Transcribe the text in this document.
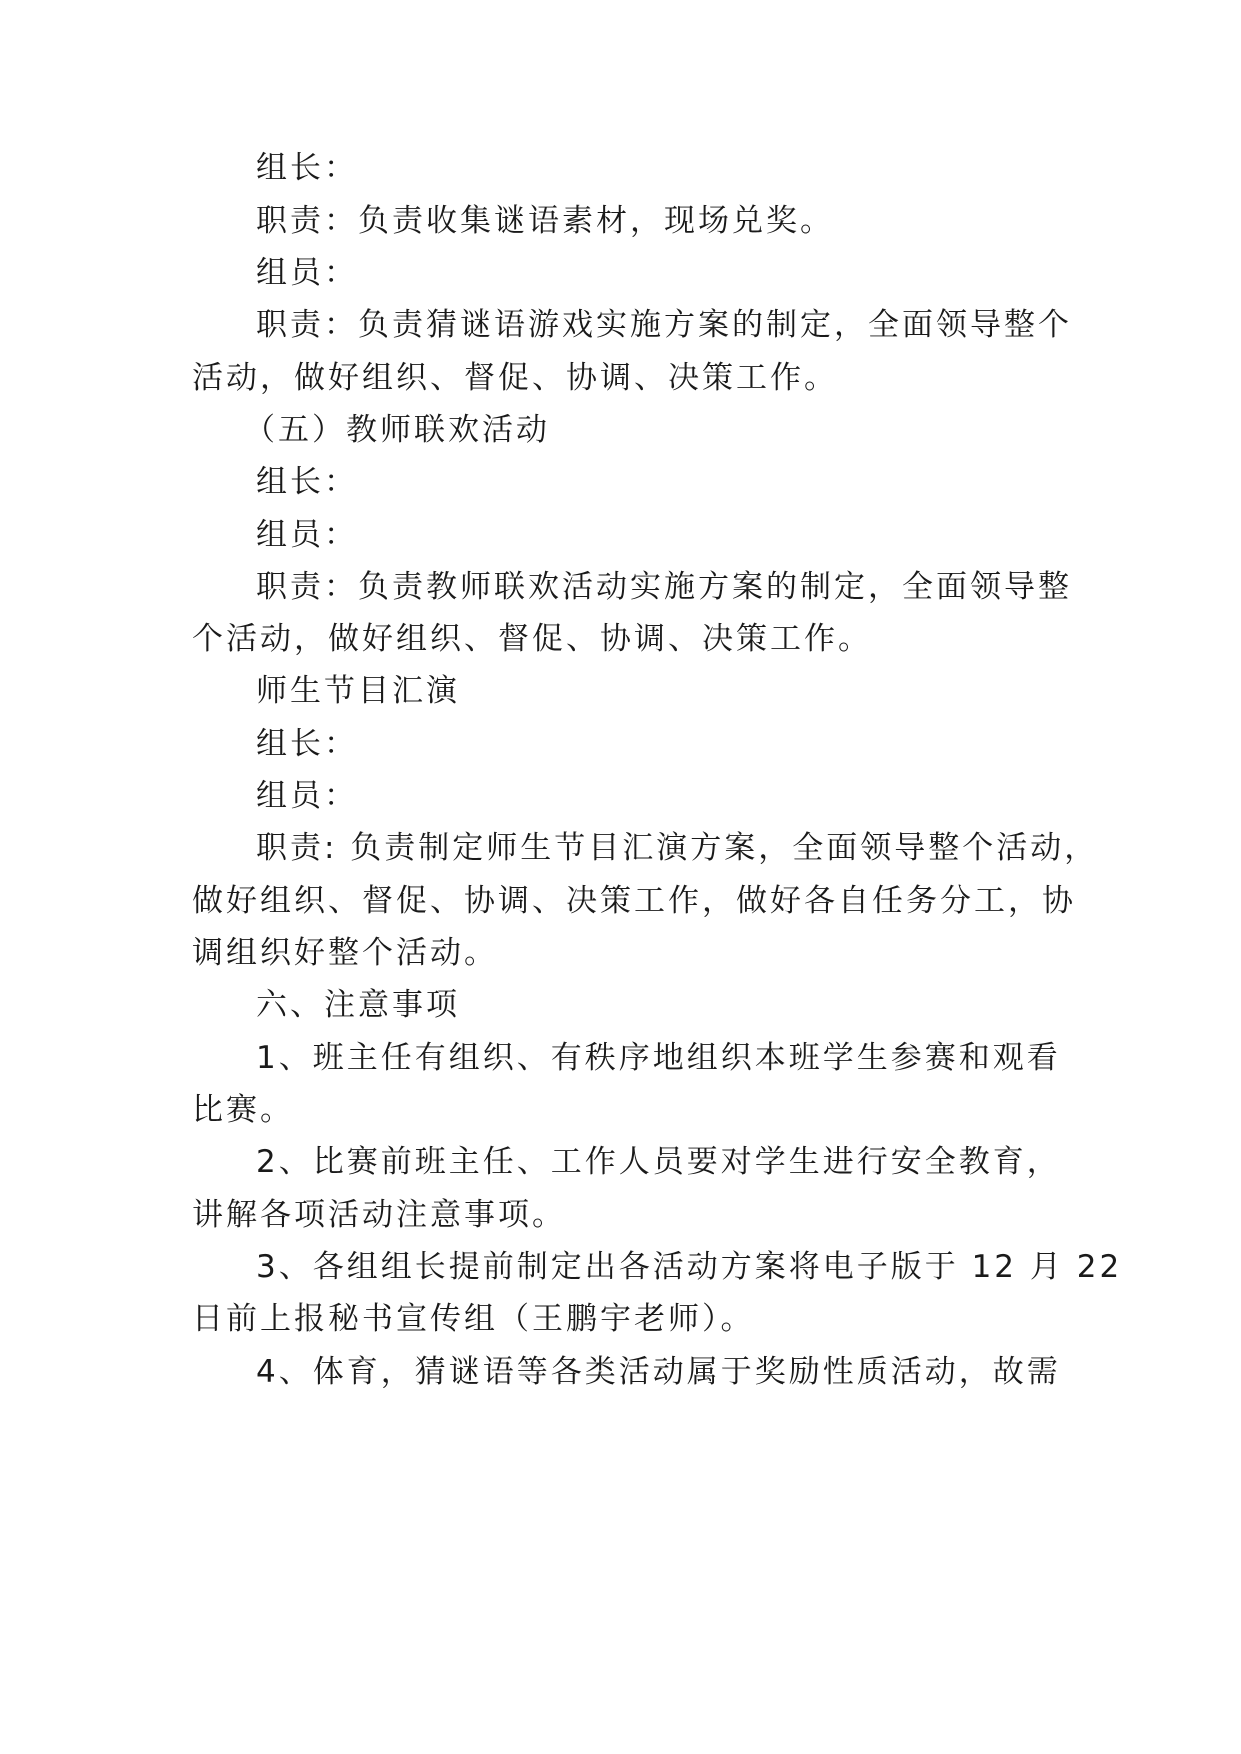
组长：
职责：负责收集谜语素材，现场兑奖。
组员：
职责：负责猜谜语游戏实施方案的制定，全面领导整个
活动，做好组织、督促、协调、决策工作。
（五）教师联欢活动
组长：
组员：
职责：负责教师联欢活动实施方案的制定，全面领导整
个活动，做好组织、督促、协调、决策工作。
师生节目汇演
组长：
组员：
职责: 负责制定师生节目汇演方案，全面领导整个活动，
做好组织、督促、协调、决策工作，做好各自任务分工，协
调组织好整个活动。
六、注意事项
1、班主任有组织、有秩序地组织本班学生参赛和观看
比赛。
2、比赛前班主任、工作人员要对学生进行安全教育，
讲解各项活动注意事项。
3、各组组长提前制定出各活动方案将电子版于 12 月 22
日前上报秘书宣传组（王鹏宇老师）。
4、体育，猜谜语等各类活动属于奖励性质活动，故需
